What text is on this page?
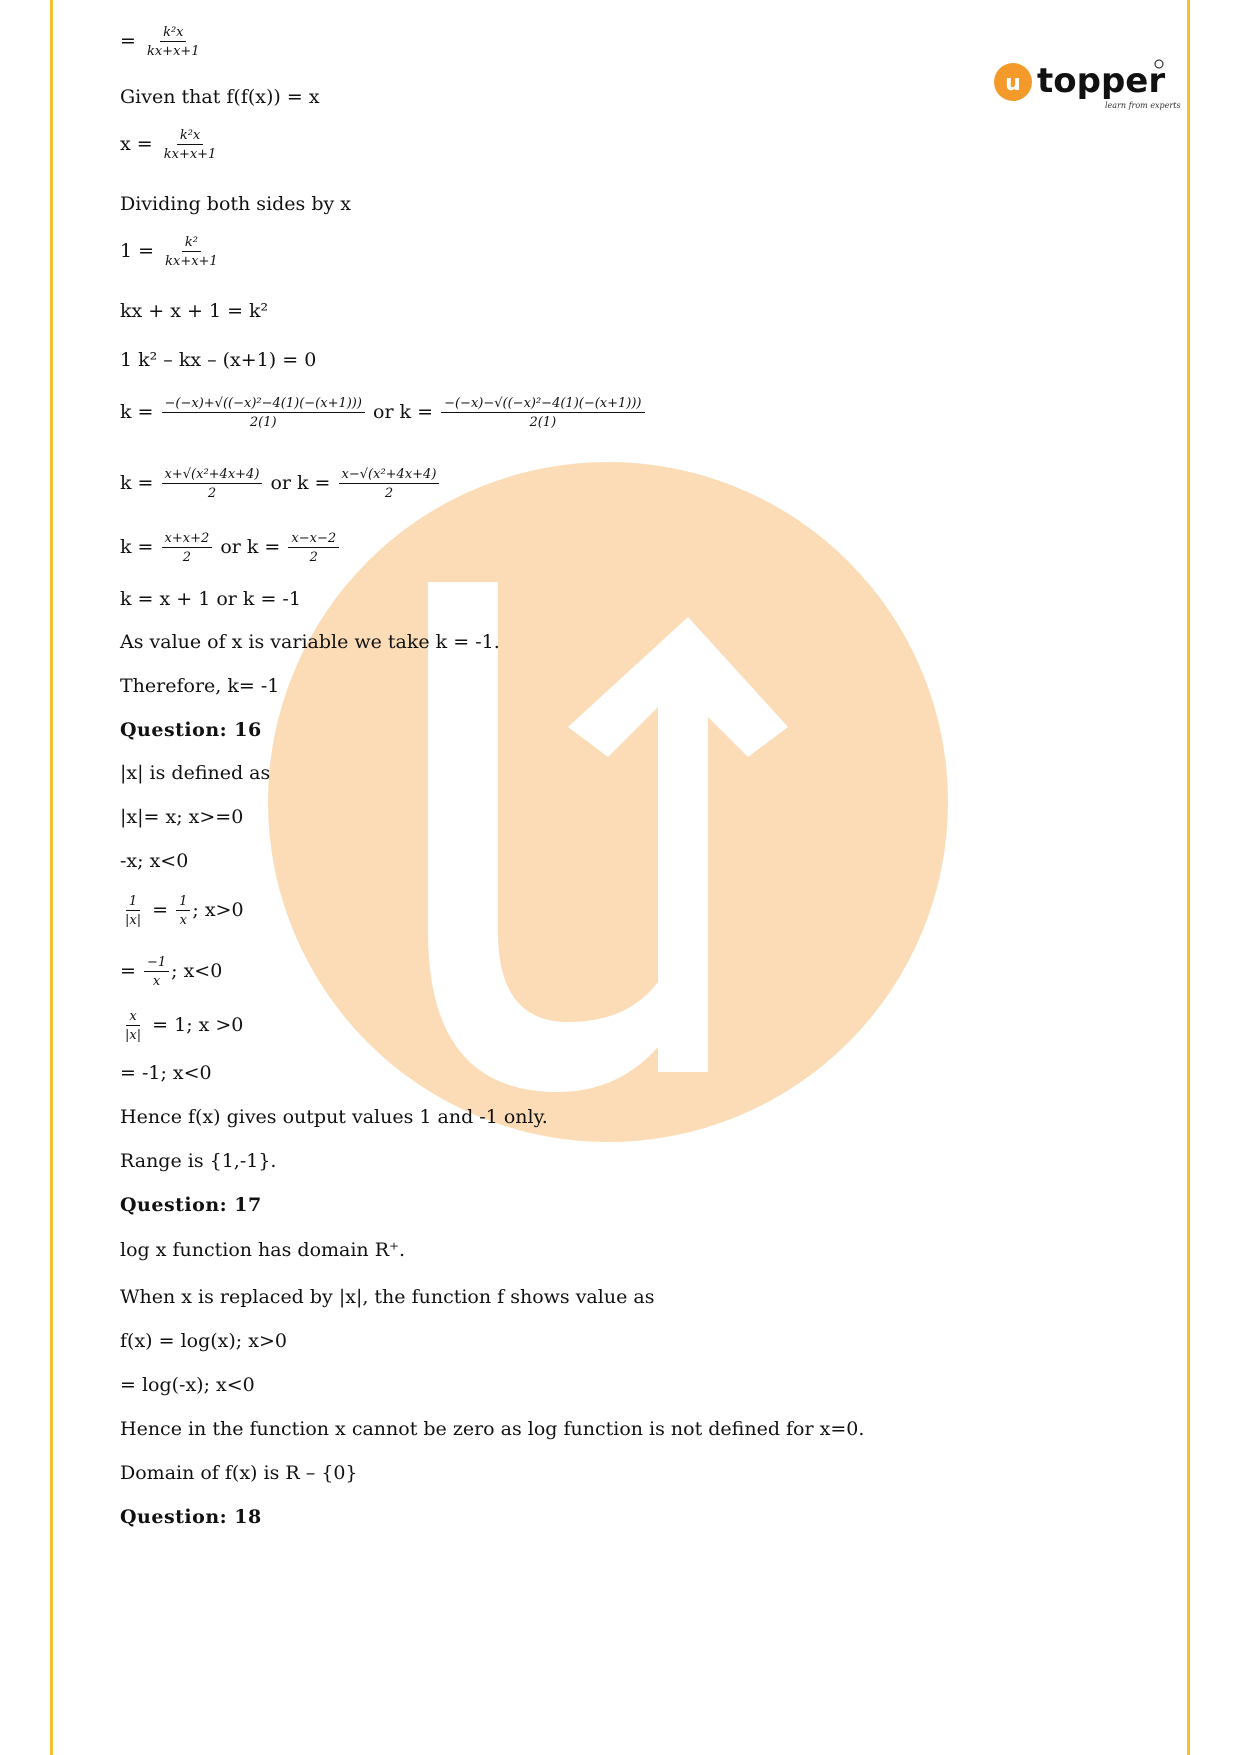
u topper
learn from experts
= $\frac{\text{k²x}}{kx+x+1}$
Given that f(f(x)) = x
$x = \frac{\text{k²x}}{kx+x+1}$
Dividing both sides by x
$1 = \frac{\text{k²}}{kx+x+1}$
kx + x + 1 = k²
1 k² – kx – (x+1) = 0
$k = \frac{\text{−(−x)+√((−x)²−4(1)(−(x+1)))}}{2(1)}$ or $k = \frac{\text{−(−x)−√((−x)²−4(1)(−(x+1)))}}{2(1)}$
$k = \frac{\text{x+√(x²+4x+4)}}{2}$ or $k = \frac{\text{x−√(x²+4x+4)}}{2}$
$k = \frac{x+x+2}{2}$ or $k = \frac{x-x-2}{2}$
k = x + 1 or k = -1
As value of x is variable we take k = -1.
Therefore, k= -1
Question: 16
|x| is defined as
|x|= x; x>=0
-x; x<0
$\frac{1}{|x|} = \frac{1}{x}$ ; x>0
= $\frac{-1}{x}$ ; x<0
$\frac{x}{|x|} = 1$; x >0
= -1; x<0
Hence f(x) gives output values 1 and -1 only.
Range is {1,-1}.
Question: 17
log x function has domain R⁺.
When x is replaced by |x|, the function f shows value as
f(x) = log(x); x>0
= log(-x); x<0
Hence in the function x cannot be zero as log function is not defined for x=0.
Domain of f(x) is R – {0}
Question: 18
